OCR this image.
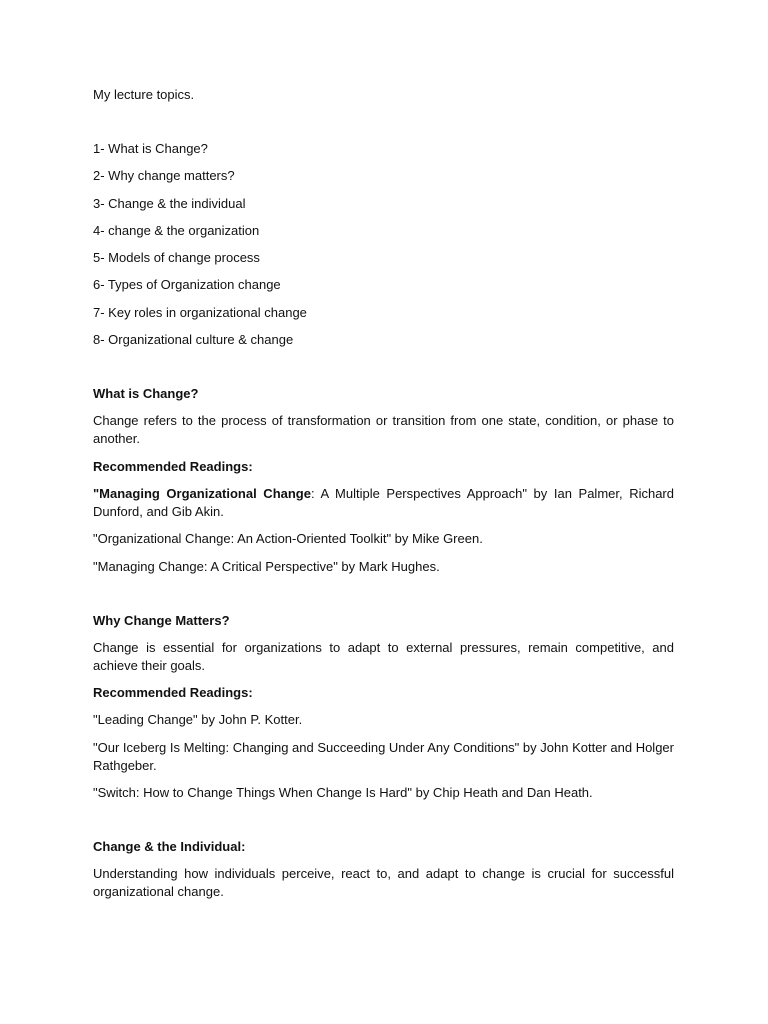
My lecture topics.

1- What is Change?
2- Why change matters?
3- Change & the individual
4- change & the organization
5- Models of change process
6- Types of Organization change
7- Key roles in organizational change
8- Organizational culture & change

What is Change?

Change refers to the process of transformation or transition from one state, condition, or phase to another.

Recommended Readings:

"Managing Organizational Change: A Multiple Perspectives Approach" by Ian Palmer, Richard Dunford, and Gib Akin.

"Organizational Change: An Action-Oriented Toolkit" by Mike Green.

"Managing Change: A Critical Perspective" by Mark Hughes.

Why Change Matters?

Change is essential for organizations to adapt to external pressures, remain competitive, and achieve their goals.

Recommended Readings:

"Leading Change" by John P. Kotter.

"Our Iceberg Is Melting: Changing and Succeeding Under Any Conditions" by John Kotter and Holger Rathgeber.

"Switch: How to Change Things When Change Is Hard" by Chip Heath and Dan Heath.

Change & the Individual:

Understanding how individuals perceive, react to, and adapt to change is crucial for successful organizational change.
